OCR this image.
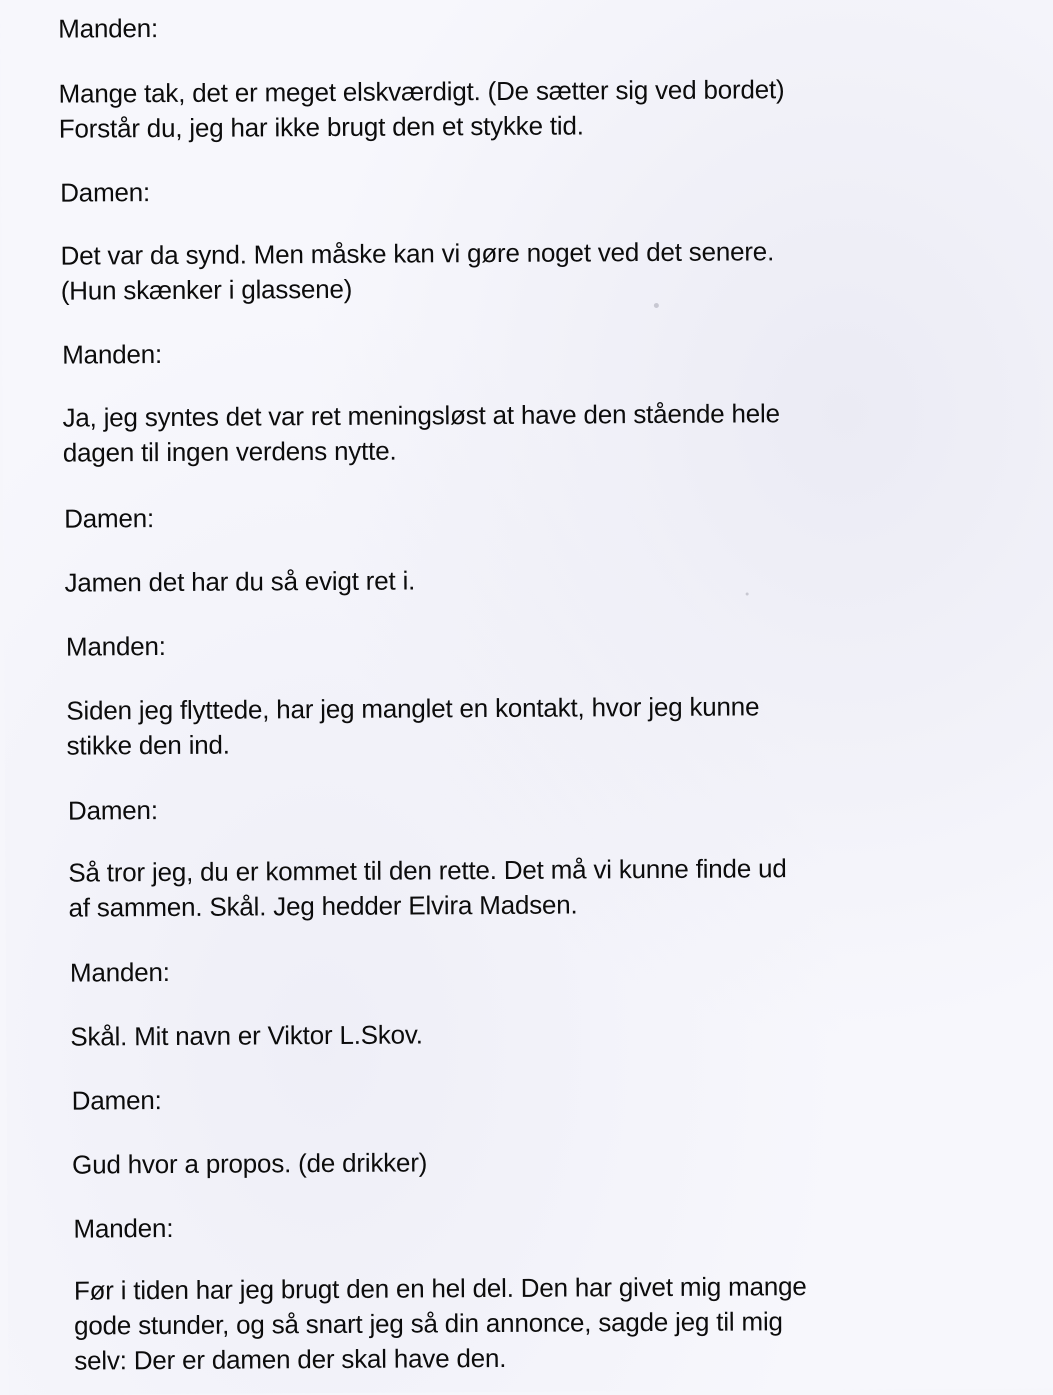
Manden:
Mange tak, det er meget elskværdigt. (De sætter sig ved bordet)
Forstår du, jeg har ikke brugt den et stykke tid.
Damen:
Det var da synd. Men måske kan vi gøre noget ved det senere.
(Hun skænker i glassene)
Manden:
Ja, jeg syntes det var ret meningsløst at have den stående hele
dagen til ingen verdens nytte.
Damen:
Jamen det har du så evigt ret i.
Manden:
Siden jeg flyttede, har jeg manglet en kontakt, hvor jeg kunne
stikke den ind.
Damen:
Så tror jeg, du er kommet til den rette. Det må vi kunne finde ud
af sammen. Skål. Jeg hedder Elvira Madsen.
Manden:
Skål. Mit navn er Viktor L.Skov.
Damen:
Gud hvor a propos. (de drikker)
Manden:
Før i tiden har jeg brugt den en hel del. Den har givet mig mange
gode stunder, og så snart jeg så din annonce, sagde jeg til mig
selv: Der er damen der skal have den.
